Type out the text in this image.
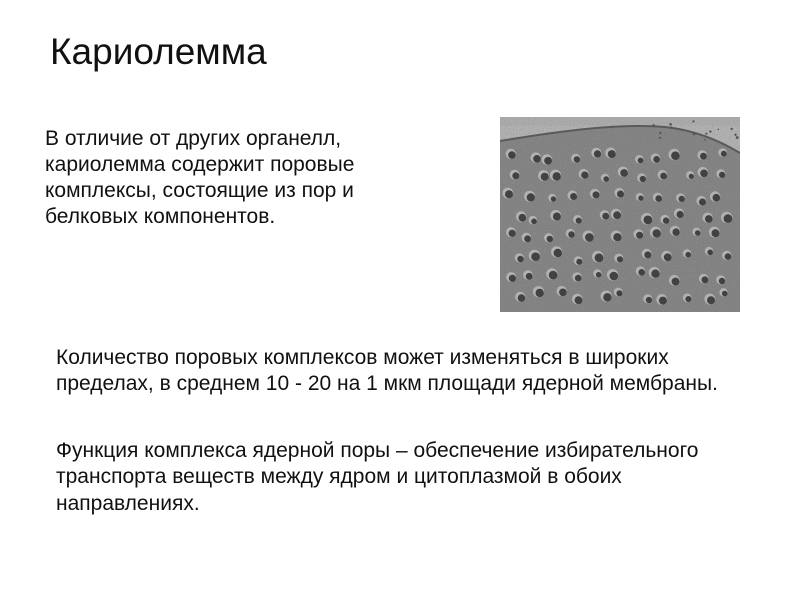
Кариолемма

В отличие от других органелл, кариолемма содержит поровые комплексы, состоящие из пор и белковых компонентов.

Количество поровых комплексов может изменяться в широких пределах, в среднем 10 - 20 на 1 мкм площади ядерной мембраны.

Функция комплекса ядерной поры – обеспечение избирательного транспорта веществ между ядром и цитоплазмой в обоих направлениях.
